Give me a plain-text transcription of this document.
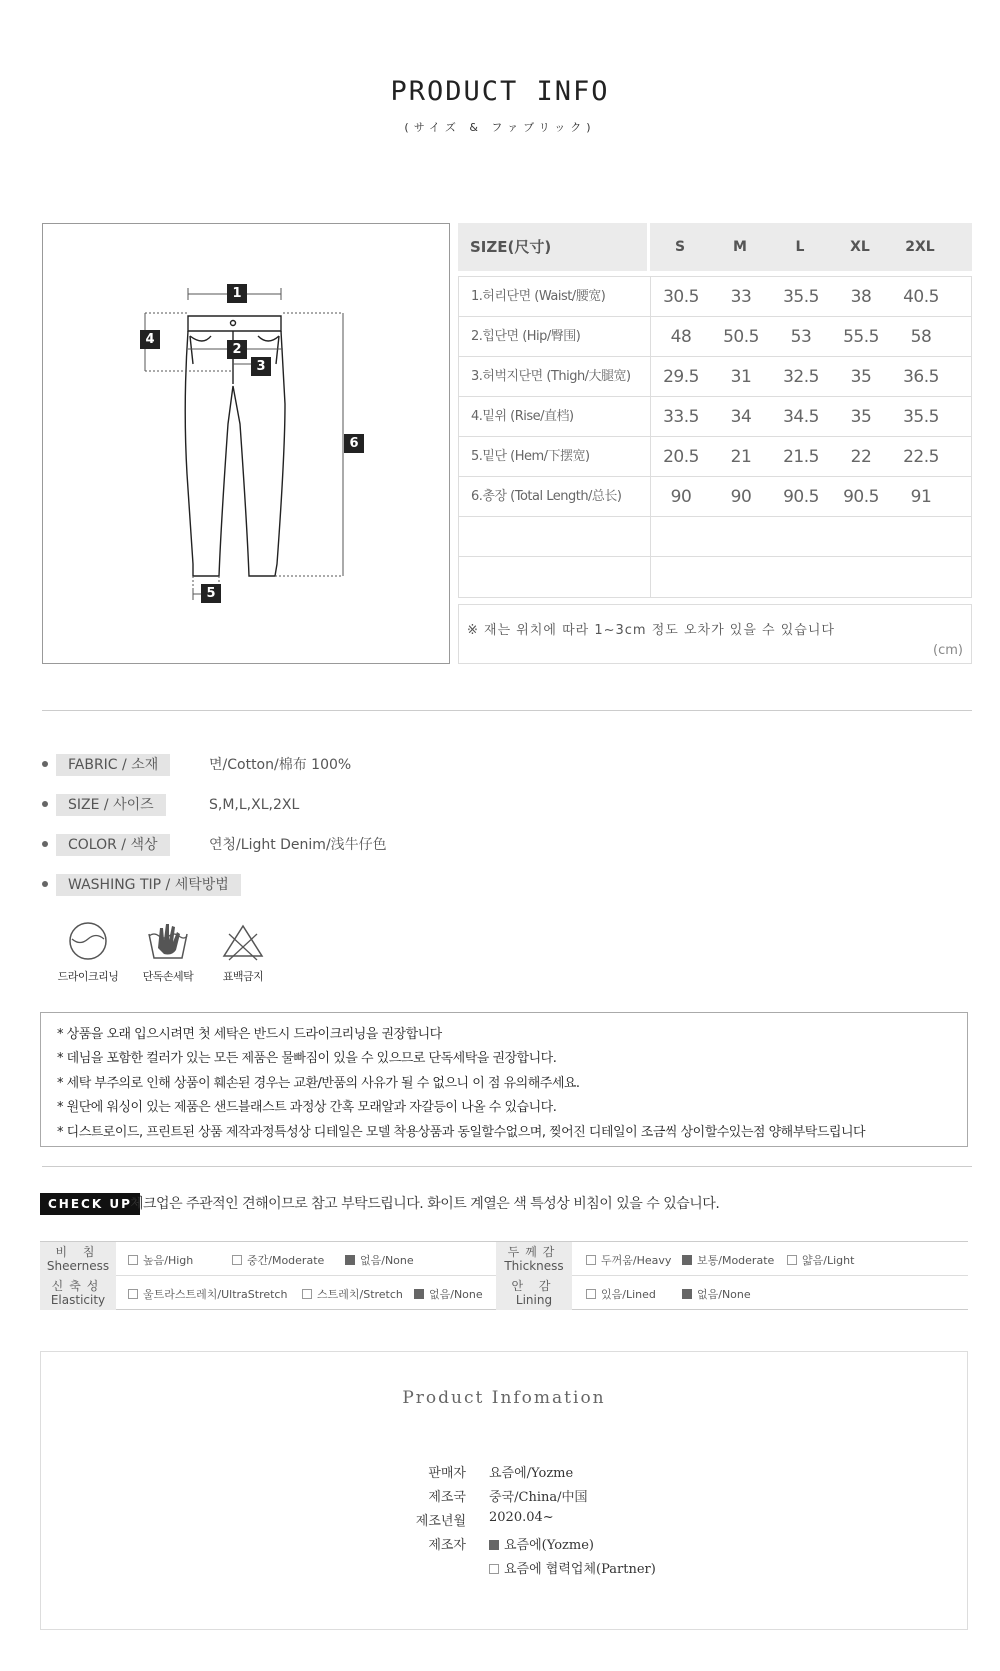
PRODUCT INFO
(サイズ & ファブリック)
1
2
3
4
5
6
SIZE(尺寸)	S	M	L	XL	2XL
1.허리단면 (Waist/腰宽)	30.5	33	35.5	38	40.5
2.힙단면 (Hip/臀围)	48	50.5	53	55.5	58
3.허벅지단면 (Thigh/大腿宽)	29.5	31	32.5	35	36.5
4.밑위 (Rise/直档)	33.5	34	34.5	35	35.5
5.밑단 (Hem/下摆宽)	20.5	21	21.5	22	22.5
6.총장 (Total Length/总长)	90	90	90.5	90.5	91
※ 재는 위치에 따라 1~3cm 정도 오차가 있을 수 있습니다
(cm)
FABRIC / 소재	면/Cotton/棉布 100%
SIZE / 사이즈	S,M,L,XL,2XL
COLOR / 색상	연청/Light Denim/浅牛仔色
WASHING TIP / 세탁방법
드라이크리닝	단독손세탁	표백금지
* 상품을 오래 입으시려면 첫 세탁은 반드시 드라이크리닝을 권장합니다
* 데님을 포함한 컬러가 있는 모든 제품은 물빠짐이 있을 수 있으므로 단독세탁을 권장합니다.
* 세탁 부주의로 인해 상품이 훼손된 경우는 교환/반품의 사유가 될 수 없으니 이 점 유의해주세요.
* 원단에 워싱이 있는 제품은 샌드블래스트 과정상 간혹 모래알과 자갈등이 나올 수 있습니다.
* 디스트로이드, 프린트된 상품 제작과정특성상 디테일은 모델 착용상품과 동일할수없으며, 찢어진 디테일이 조금씩 상이할수있는점 양해부탁드립니다
CHECK UP
체크업은 주관적인 견해이므로 참고 부탁드립니다. 화이트 계열은 색 특성상 비침이 있을 수 있습니다.
비 침
Sheerness	높음/High	중간/Moderate	없음/None
두께감
Thickness	두꺼움/Heavy	보통/Moderate	얇음/Light
신축성
Elasticity	울트라스트레치/UltraStretch	스트레치/Stretch	없음/None
안 감
Lining	있음/Lined	없음/None
Product Infomation
판매자 요즘에/Yozme
제조국 중국/China/中国
제조년월 2020.04~
제조자	요즘에(Yozme)
요즘에 협력업체(Partner)
